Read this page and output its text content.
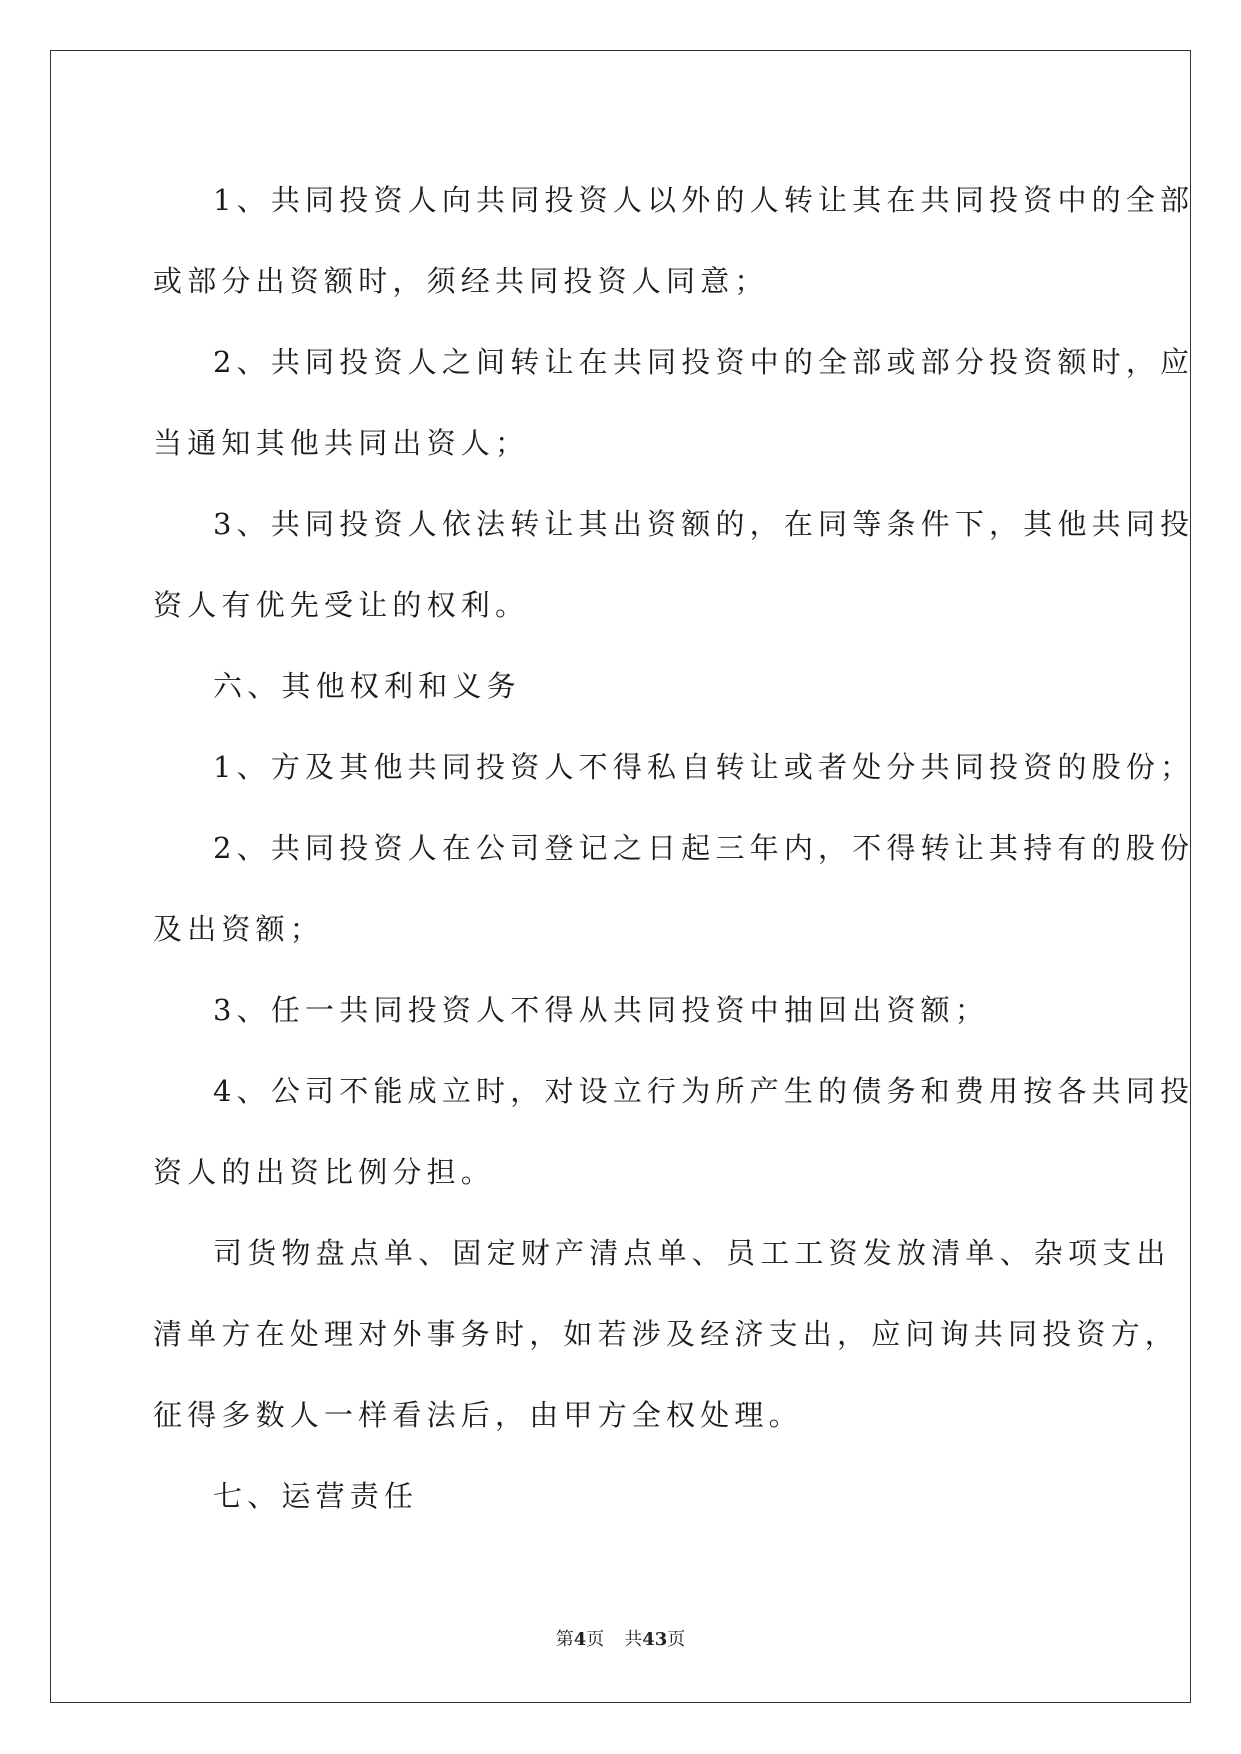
1、共同投资人向共同投资人以外的人转让其在共同投资中的全部
或部分出资额时，须经共同投资人同意；
2、共同投资人之间转让在共同投资中的全部或部分投资额时，应
当通知其他共同出资人；
3、共同投资人依法转让其出资额的，在同等条件下，其他共同投
资人有优先受让的权利。
六、其他权利和义务
1、方及其他共同投资人不得私自转让或者处分共同投资的股份；
2、共同投资人在公司登记之日起三年内，不得转让其持有的股份
及出资额；
3、任一共同投资人不得从共同投资中抽回出资额；
4、公司不能成立时，对设立行为所产生的债务和费用按各共同投
资人的出资比例分担。
司货物盘点单、固定财产清点单、员工工资发放清单、杂项支出
清单方在处理对外事务时，如若涉及经济支出，应问询共同投资方，
征得多数人一样看法后，由甲方全权处理。
七、运营责任
第4页 共43页
